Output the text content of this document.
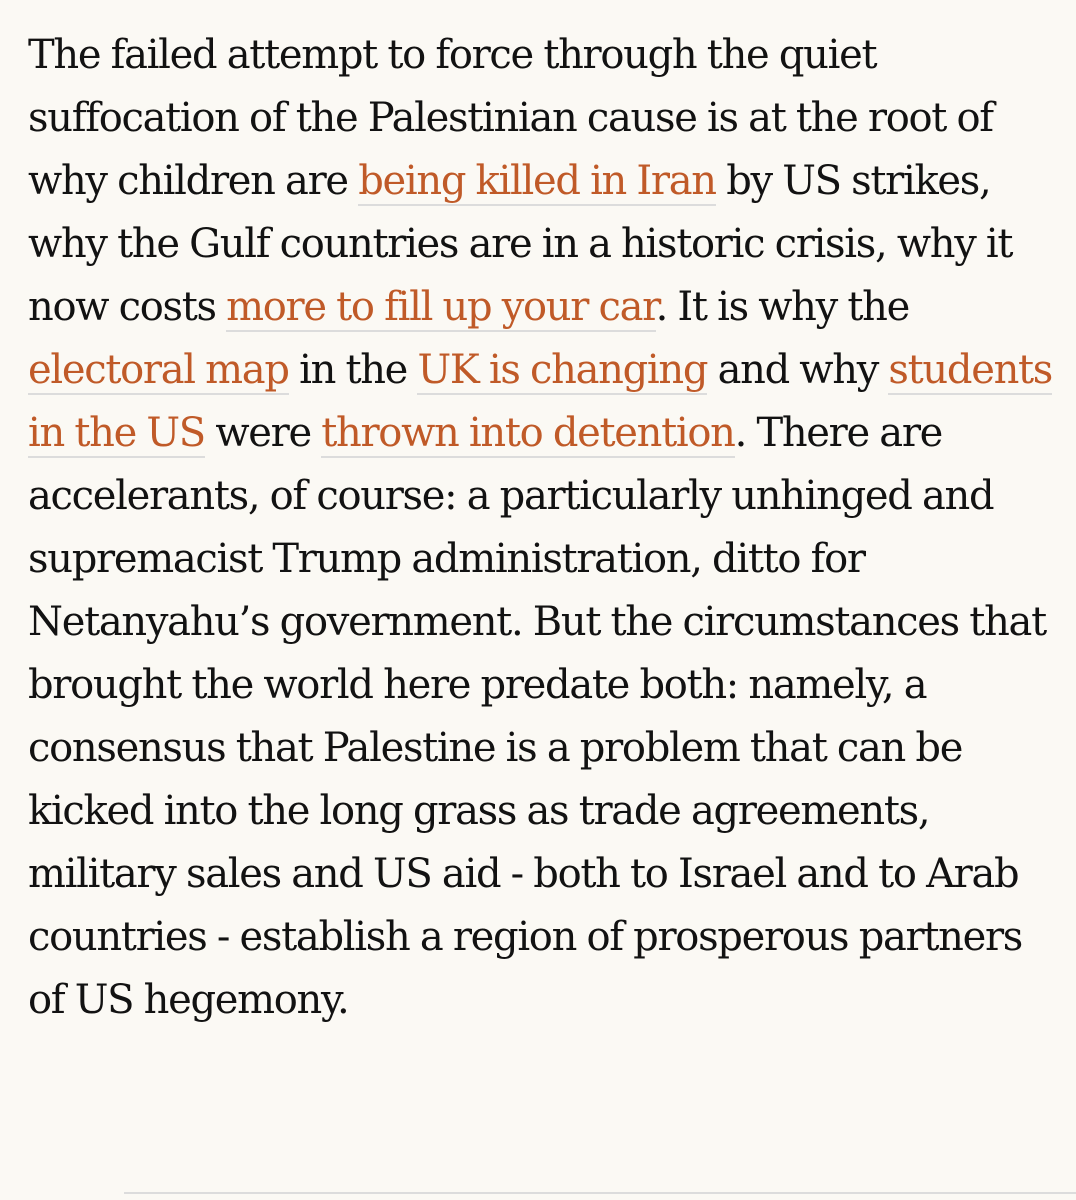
The failed attempt to force through the quiet suffocation of the Palestinian cause is at the root of why children are being killed in Iran by US strikes, why the Gulf countries are in a historic crisis, why it now costs more to fill up your car. It is why the electoral map in the UK is changing and why students in the US were thrown into detention. There are accelerants, of course: a particularly unhinged and supremacist Trump administration, ditto for Netanyahu’s government. But the circumstances that brought the world here predate both: namely, a consensus that Palestine is a problem that can be kicked into the long grass as trade agreements, military sales and US aid - both to Israel and to Arab countries - establish a region of prosperous partners of US hegemony.
